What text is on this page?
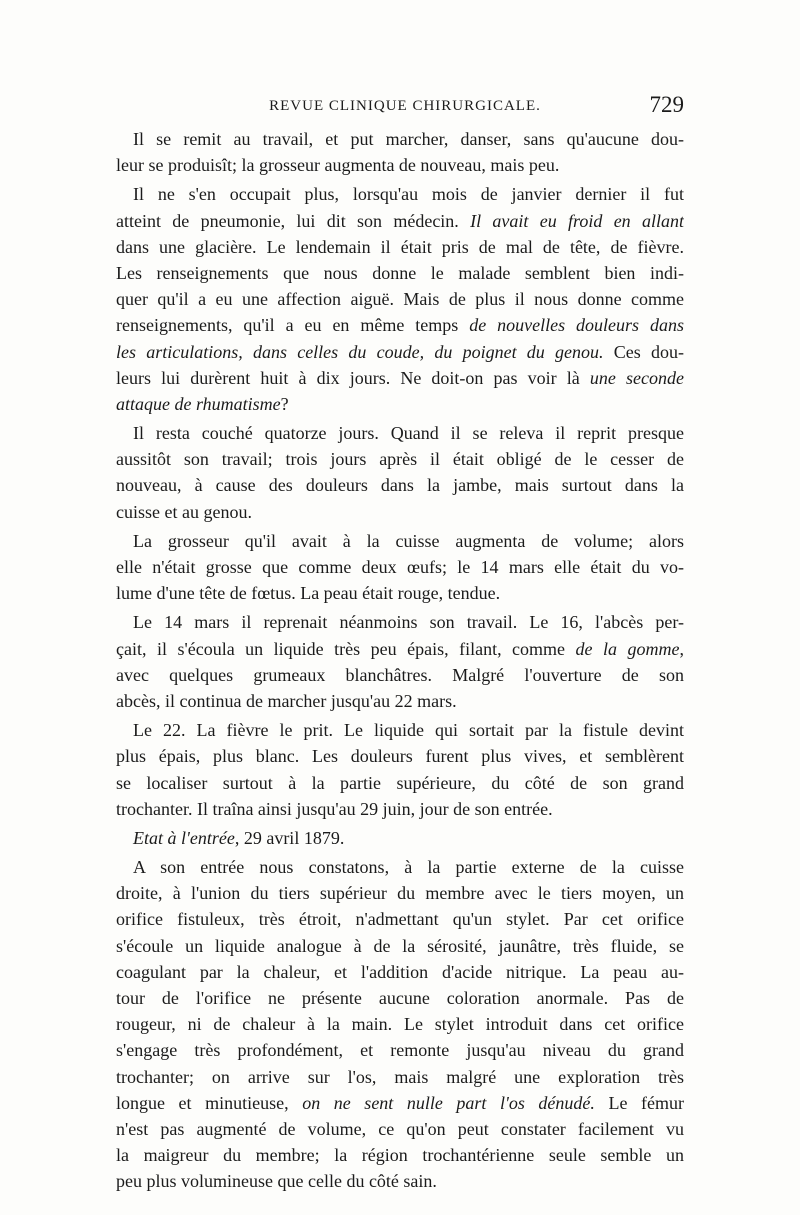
REVUE CLINIQUE CHIRURGICALE.	729
Il se remit au travail, et put marcher, danser, sans qu'aucune dou-
leur se produisît; la grosseur augmenta de nouveau, mais peu.
Il ne s'en occupait plus, lorsqu'au mois de janvier dernier il fut
atteint de pneumonie, lui dit son médecin. Il avait eu froid en allant
dans une glacière. Le lendemain il était pris de mal de tête, de fièvre.
Les renseignements que nous donne le malade semblent bien indi-
quer qu'il a eu une affection aiguë. Mais de plus il nous donne comme
renseignements, qu'il a eu en même temps de nouvelles douleurs dans
les articulations, dans celles du coude, du poignet du genou. Ces dou-
leurs lui durèrent huit à dix jours. Ne doit-on pas voir là une seconde
attaque de rhumatisme?
Il resta couché quatorze jours. Quand il se releva il reprit presque
aussitôt son travail; trois jours après il était obligé de le cesser de
nouveau, à cause des douleurs dans la jambe, mais surtout dans la
cuisse et au genou.
La grosseur qu'il avait à la cuisse augmenta de volume; alors
elle n'était grosse que comme deux œufs; le 14 mars elle était du vo-
lume d'une tête de fœtus. La peau était rouge, tendue.
Le 14 mars il reprenait néanmoins son travail. Le 16, l'abcès per-
çait, il s'écoula un liquide très peu épais, filant, comme de la gomme,
avec quelques grumeaux blanchâtres. Malgré l'ouverture de son
abcès, il continua de marcher jusqu'au 22 mars.
Le 22. La fièvre le prit. Le liquide qui sortait par la fistule devint
plus épais, plus blanc. Les douleurs furent plus vives, et semblèrent
se localiser surtout à la partie supérieure, du côté de son grand
trochanter. Il traîna ainsi jusqu'au 29 juin, jour de son entrée.
Etat à l'entrée, 29 avril 1879.
A son entrée nous constatons, à la partie externe de la cuisse
droite, à l'union du tiers supérieur du membre avec le tiers moyen, un
orifice fistuleux, très étroit, n'admettant qu'un stylet. Par cet orifice
s'écoule un liquide analogue à de la sérosité, jaunâtre, très fluide, se
coagulant par la chaleur, et l'addition d'acide nitrique. La peau au-
tour de l'orifice ne présente aucune coloration anormale. Pas de
rougeur, ni de chaleur à la main. Le stylet introduit dans cet orifice
s'engage très profondément, et remonte jusqu'au niveau du grand
trochanter; on arrive sur l'os, mais malgré une exploration très
longue et minutieuse, on ne sent nulle part l'os dénudé. Le fémur
n'est pas augmenté de volume, ce qu'on peut constater facilement vu
la maigreur du membre; la région trochantérienne seule semble un
peu plus volumineuse que celle du côté sain.
